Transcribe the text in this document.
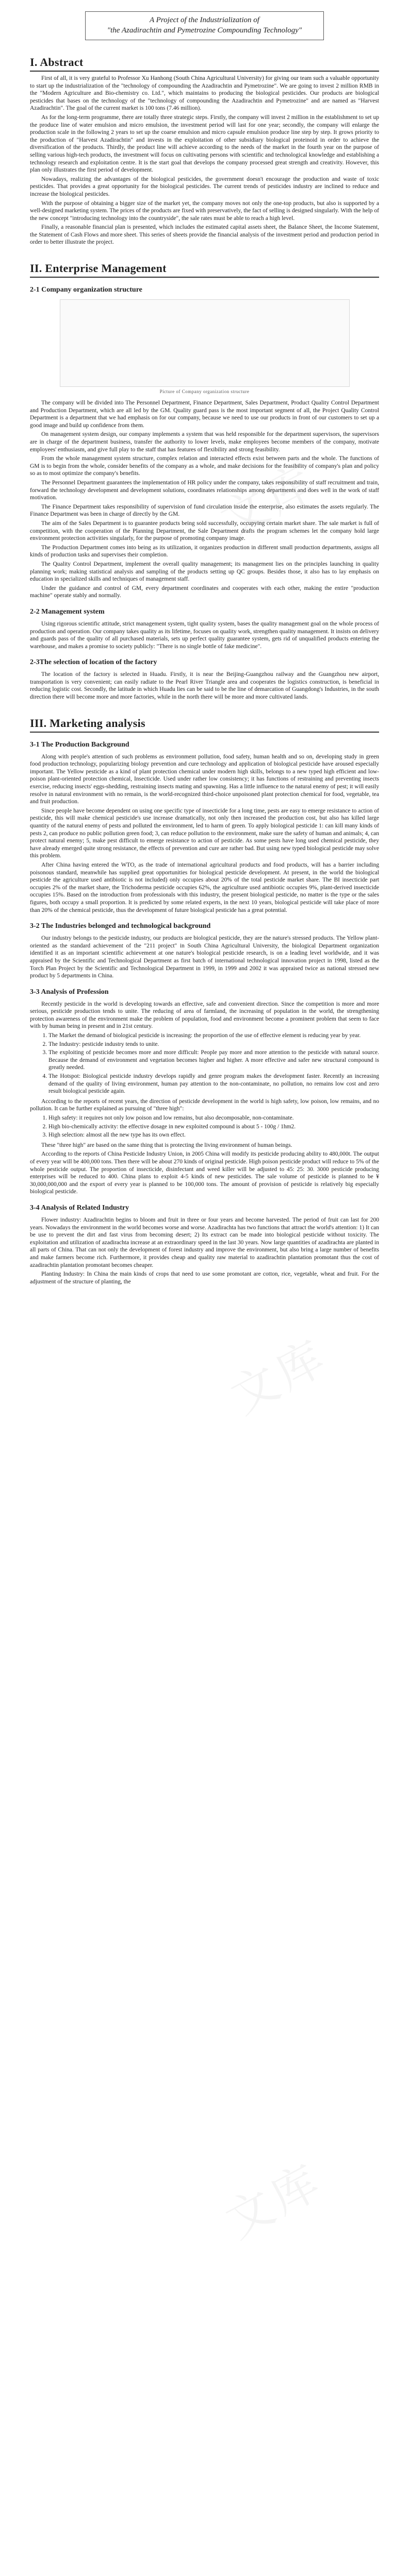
A Project of the Industrialization of
"the Azadirachtin and Pymetrozine Compounding Technology"
I. Abstract

First of all, it is very grateful to Professor Xu Hanhong (South China Agricultural University) for giving our team such a valuable opportunity to start up the industrialization of the "technology of compounding the Azadirachtin and Pymetrozine". We are going to invest 2 million RMB in the "Modern Agriculture and Bio-chemistry co. Ltd.", which maintains to producing the biological pesticides. Our products are biological pesticides that bases on the technology of the "technology of compounding the Azadirachtin and Pymetrozine" and are named as "Harvest Azadirachtin". The goal of the current market is 100 tons (7.46 million).

As for the long-term programme, there are totally three strategic steps. Firstly, the company will invest 2 million in the establishment to set up the produce line of water emulsion and micro emulsion, the investment period will last for one year; secondly, the company will enlarge the production scale in the following 2 years to set up the coarse emulsion and micro capsule emulsion produce line step by step. It grows priority to the production of "Harvest Azadirachtin" and invests in the exploitation of other subsidiary biological proteinoid in order to achieve the diversification of the products. Thirdly, the product line will achieve according to the needs of the market in the fourth year on the purpose of selling various high-tech products, the investment will focus on cultivating persons with scientific and technological knowledge and establishing a technology research and exploitation centre. It is the start goal that develops the company processed great strength and creativity. However, this plan only illustrates the first period of development.

Nowadays, realizing the advantages of the biological pesticides, the government doesn't encourage the production and waste of toxic pesticides. That provides a great opportunity for the biological pesticides. The current trends of pesticides industry are inclined to reduce and increase the biological pesticides.

With the purpose of obtaining a bigger size of the market yet, the company moves not only the one-top products, but also is supported by a well-designed marketing system. The prices of the products are fixed with preservatively, the fact of selling is designed singularly. With the help of the new concept "introducing technology into the countryside", the sale rates must be able to reach a high level.

Finally, a reasonable financial plan is presented, which includes the estimated capital assets sheet, the Balance Sheet, the Income Statement, the Statement of Cash Flows and more sheet. This series of sheets provide the financial analysis of the investment period and production period in order to better illustrate the project.

II. Enterprise Management
2-1 Company organization structure
Picture of Company organization structure

The company will be divided into The Personnel Department, Finance Department, Sales Department, Product Quality Control Department and Production Department, which are all led by the GM. Quality guard pass is the most important segment of all, the Project Quality Control Department is a department that we had emphasis on for our company, because we need to use our products in front of our customers to set up a good image and build up confidence from them.

On management system design, our company implements a system that was held responsible for the department supervisors, the supervisors are in charge of the department business, transfer the authority to lower levels, make employees become members of the company, motivate employees' enthusiasm, and give full play to the staff that has features of flexibility and strong feasibility.

From the whole management system structure, complex relation and interacted effects exist between parts and the whole. The functions of GM is to begin from the whole, consider benefits of the company as a whole, and make decisions for the feasibility of company's plan and policy so as to most optimize the company's benefits.

The Personnel Department guarantees the implementation of HR policy under the company, takes responsibility of staff recruitment and train, forward the technology development and development solutions, coordinates relationships among departments and does well in the work of staff motivation.

The Finance Department takes responsibility of supervision of fund circulation inside the enterprise, also estimates the assets regularly. The Finance Department was been in charge of directly by the GM.

The aim of the Sales Department is to guarantee products being sold successfully, occupying certain market share. The sale market is full of competition, with the cooperation of the Planning Department, the Sale Department drafts the program schemes let the company hold large environment protection activities singularly, for the purpose of promoting company image.

The Production Department comes into being as its utilization, it organizes production in different small production departments, assigns all kinds of production tasks and supervises their completion.

The Quality Control Department, implement the overall quality management; its management lies on the principles launching in quality planning work; making statistical analysis and sampling of the products setting up QC groups. Besides those, it also has to lay emphasis on education in specialized skills and techniques of management staff.

Under the guidance and control of GM, every department coordinates and cooperates with each other, making the entire "production machine" operate stably and normally.

2-2 Management system

Using rigorous scientific attitude, strict management system, tight quality system, bases the quality management goal on the whole process of production and operation. Our company takes quality as its lifetime, focuses on quality work, strengthen quality management. It insists on delivery and guards pass of the quality of all purchased materials, sets up perfect quality guarantee system, gets rid of unqualified products entering the warehouse, and makes a promise to society publicly: "There is no single bottle of fake medicine".

2-3The selection of location of the factory

The location of the factory is selected in Huadu. Firstly, it is near the Beijing-Guangzhou railway and the Guangzhou new airport, transportation is very convenient; can easily radiate to the Pearl River Triangle area and cooperates the logistics construction, is beneficial in reducing logistic cost. Secondly, the latitude in which Huadu lies can be said to be the line of demarcation of Guangdong's Industries, in the south direction there will become more and more factories, while in the north there will be more and more cultivated lands.

III. Marketing analysis
3-1 The Production Background

Along with people's attention of such problems as environment pollution, food safety, human health and so on, developing study in green food production technology, popularizing biology prevention and cure technology and application of biological pesticide have aroused especially important. The Yellow pesticide as a kind of plant protection chemical under modern high skills, belongs to a new typed high efficient and low-poison plant-oriented protection chemical, Insecticide. Used under rather low consistency; it has functions of restraining and preventing insects exercise, reducing insects' eggs-shedding, restraining insects mating and spawning. Has a little influence to the natural enemy of pest; it will easily resolve in natural environment with no remain, is the world-recognized third-choice unpoisoned plant protection chemical for food, vegetable, tea and fruit production.

Since people have become dependent on using one specific type of insecticide for a long time, pests are easy to emerge resistance to action of pesticide, this will make chemical pesticide's use increase dramatically, not only then increased the production cost, but also has killed large quantity of the natural enemy of pests and polluted the environment, led to harm of green. To apply biological pesticide 1: can kill many kinds of pests 2, can produce no public pollution green food; 3, can reduce pollution to the environment, make sure the safety of human and animals; 4, can protect natural enemy; 5, make pest difficult to emerge resistance to action of pesticide. As some pests have long used chemical pesticide, they have already emerged quite strong resistance, the effects of prevention and cure are rather bad. But using new typed biological pesticide may solve this problem.

After China having entered the WTO, as the trade of international agricultural products and food products, will has a barrier including poisonous standard, meanwhile has supplied great opportunities for biological pesticide development. At present, in the world the biological pesticide the agriculture used antibiotic is not included) only occupies about 20% of the total pesticide market share. The BI insecticide part occupies 2% of the market share, the Trichoderma pesticide occupies 62%, the agriculture used antibiotic occupies 9%, plant-derived insecticide occupies 15%. Based on the introduction from professionals with this industry, the present biological pesticide, no matter is the type or the sales figures, both occupy a small proportion. It is predicted by some related experts, in the next 10 years, biological pesticide will take place of more than 20% of the chemical pesticide, thus the development of future biological pesticide has a great potential.

3-2 The Industries belonged and technological background

Our industry belongs to the pesticide industry, our products are biological pesticide, they are the nature's stressed products. The Yellow plant-oriented as the standard achievement of the "211 project" in South China Agricultural University, the biological Department organization identified it as an important scientific achievement at one nature's biological pesticide research, is on a leading level worldwide, and it was appraised by the Scientific and Technological Department as first batch of international technological innovation project in 1998, listed as the Torch Plan Project by the Scientific and Technological Department in 1999, in 1999 and 2002 it was appraised twice as national stressed new product by 5 departments in China.

3-3 Analysis of Profession

Recently pesticide in the world is developing towards an effective, safe and convenient direction. Since the competition is more and more serious, pesticide production tends to unite. The reducing of area of farmland, the increasing of population in the world, the strengthening protection awareness of the environment make the problem of population, food and environment become a prominent problem that seem to face with by human being in present and in 21st century.

1. The Market the demand of biological pesticide is increasing: the proportion of the use of effective element is reducing year by year.
2. The Industry: pesticide industry tends to unite.
3. The exploiting of pesticide becomes more and more difficult: People pay more and more attention to the pesticide with natural source. Because the demand of environment and vegetation becomes higher and higher. A more effective and safer new structural compound is greatly needed.
4. The Hotspot: Biological pesticide industry develops rapidly and genre program makes the development faster. Recently an increasing demand of the quality of living environment, human pay attention to the non-contaminate, no pollution, no remains low cost and zero result biological pesticide again.

According to the reports of recent years, the direction of pesticide development in the world is high safety, low poison, low remains, and no pollution. It can be further explained as pursuing of "three high":

1. High safety: it requires not only low poison and low remains, but also decomposable, non-contaminate.
2. High bio-chemically activity: the effective dosage in new exploited compound is about 5 - 100g / 1hm2.
3. High selection: almost all the new type has its own effect.

These "three high" are based on the same thing that is protecting the living environment of human beings.

According to the reports of China Pesticide Industry Union, in 2005 China will modify its pesticide producing ability to 480,000t. The output of every year will be 400,000 tons. Then there will be about 270 kinds of original pesticide. High poison pesticide product will reduce to 5% of the whole pesticide output. The proportion of insecticide, disinfectant and weed killer will be adjusted to 45: 25: 30. 3000 pesticide producing enterprises will be reduced to 400. China plans to exploit 4-5 kinds of new pesticides. The sale volume of pesticide is planned to be ¥ 30,000,000,000 and the export of every year is planned to be 100,000 tons. The amount of provision of pesticide is relatively big especially biological pesticide.

3-4 Analysis of Related Industry

Flower industry: Azadirachtin begins to bloom and fruit in three or four years and become harvested. The period of fruit can last for 200 years. Nowadays the environment in the world becomes worse and worse. Azadirachta has two functions that attract the world's attention: 1) It can be use to prevent the dirt and fast virus from becoming desert; 2) Its extract can be made into biological pesticide without toxicity. The exploitation and utilization of azadirachta increase at an extraordinary speed in the last 30 years. Now large quantities of azadirachta are planted in all parts of China. That can not only the development of forest industry and improve the environment, but also bring a large number of benefits and make farmers become rich. Furthermore, it provides cheap and quality raw material to azadirachtin plantation promotant thus the cost of azadirachtin plantation promotant becomes cheaper.

Planting Industry: In China the main kinds of crops that need to use some promotant are cotton, rice, vegetable, wheat and fruit. For the adjustment of the structure of planting, the
